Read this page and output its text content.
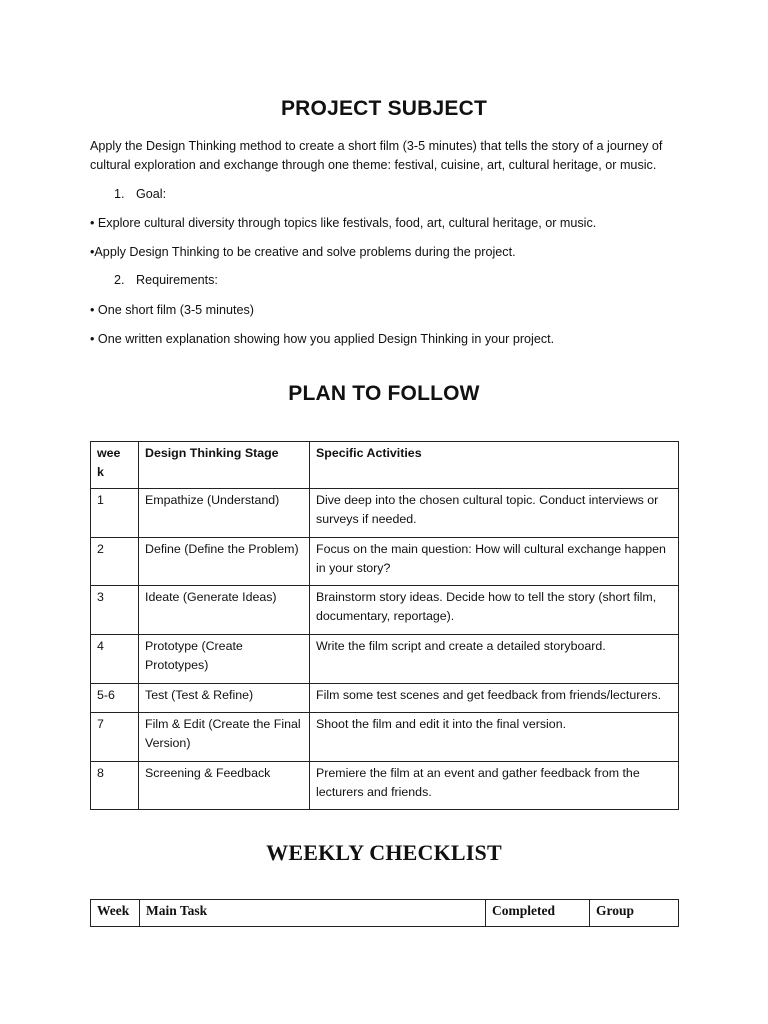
PROJECT SUBJECT
Apply the Design Thinking method to create a short film (3-5 minutes) that tells the story of a journey of cultural exploration and exchange through one theme: festival, cuisine, art, cultural heritage, or music.
1. Goal:
• Explore cultural diversity through topics like festivals, food, art, cultural heritage, or music.
•Apply Design Thinking to be creative and solve problems during the project.
2. Requirements:
• One short film (3-5 minutes)
• One written explanation showing how you applied Design Thinking in your project.
PLAN TO FOLLOW
wee k	Design Thinking Stage	Specific Activities
1	Empathize (Understand)	Dive deep into the chosen cultural topic. Conduct interviews or surveys if needed.
2	Define (Define the Problem)	Focus on the main question: How will cultural exchange happen in your story?
3	Ideate (Generate Ideas)	Brainstorm story ideas. Decide how to tell the story (short film, documentary, reportage).
4	Prototype (Create Prototypes)	Write the film script and create a detailed storyboard.
5-6	Test (Test & Refine)	Film some test scenes and get feedback from friends/lecturers.
7	Film & Edit (Create the Final Version)	Shoot the film and edit it into the final version.
8	Screening & Feedback	Premiere the film at an event and gather feedback from the lecturers and friends.
WEEKLY CHECKLIST
Week	Main Task	Completed	Group
